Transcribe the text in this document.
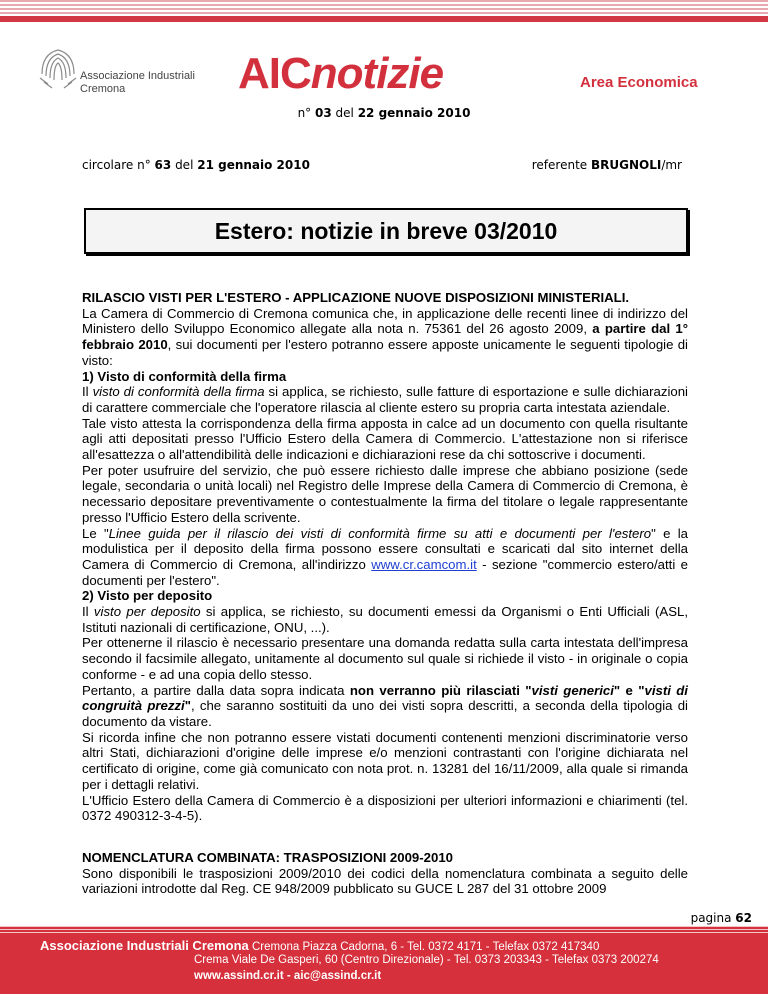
Associazione Industriali
Cremona	AICnotizie	Area Economica
n° 03 del 22 gennaio 2010
circolare n° 63 del 21 gennaio 2010	referente BRUGNOLI/mr
Estero: notizie in breve 03/2010

RILASCIO VISTI PER L'ESTERO - APPLICAZIONE NUOVE DISPOSIZIONI MINISTERIALI.

La Camera di Commercio di Cremona comunica che, in applicazione delle recenti linee di indirizzo del Ministero dello Sviluppo Economico allegate alla nota n. 75361 del 26 agosto 2009, a partire dal 1° febbraio 2010, sui documenti per l'estero potranno essere apposte unicamente le seguenti tipologie di visto:

1) Visto di conformità della firma

Il visto di conformità della firma si applica, se richiesto, sulle fatture di esportazione e sulle dichiarazioni di carattere commerciale che l'operatore rilascia al cliente estero su propria carta intestata aziendale.

Tale visto attesta la corrispondenza della firma apposta in calce ad un documento con quella risultante agli atti depositati presso l'Ufficio Estero della Camera di Commercio. L'attestazione non si riferisce all'esattezza o all'attendibilità delle indicazioni e dichiarazioni rese da chi sottoscrive i documenti.

Per poter usufruire del servizio, che può essere richiesto dalle imprese che abbiano posizione (sede legale, secondaria o unità locali) nel Registro delle Imprese della Camera di Commercio di Cremona, è necessario depositare preventivamente o contestualmente la firma del titolare o legale rappresentante presso l'Ufficio Estero della scrivente.

Le "Linee guida per il rilascio dei visti di conformità firme su atti e documenti per l'estero" e la modulistica per il deposito della firma possono essere consultati e scaricati dal sito internet della Camera di Commercio di Cremona, all'indirizzo www.cr.camcom.it - sezione "commercio estero/atti e documenti per l'estero".

2) Visto per deposito

Il visto per deposito si applica, se richiesto, su documenti emessi da Organismi o Enti Ufficiali (ASL, Istituti nazionali di certificazione, ONU, ...).

Per ottenerne il rilascio è necessario presentare una domanda redatta sulla carta intestata dell'impresa secondo il facsimile allegato, unitamente al documento sul quale si richiede il visto - in originale o copia conforme - e ad una copia dello stesso.

Pertanto, a partire dalla data sopra indicata non verranno più rilasciati "visti generici" e "visti di congruità prezzi", che saranno sostituiti da uno dei visti sopra descritti, a seconda della tipologia di documento da vistare.

Si ricorda infine che non potranno essere vistati documenti contenenti menzioni discriminatorie verso altri Stati, dichiarazioni d'origine delle imprese e/o menzioni contrastanti con l'origine dichiarata nel certificato di origine, come già comunicato con nota prot. n. 13281 del 16/11/2009, alla quale si rimanda per i dettagli relativi.

L'Ufficio Estero della Camera di Commercio è a disposizioni per ulteriori informazioni e chiarimenti (tel. 0372 490312-3-4-5).

NOMENCLATURA COMBINATA: TRASPOSIZIONI 2009-2010

Sono disponibili le trasposizioni 2009/2010 dei codici della nomenclatura combinata a seguito delle variazioni introdotte dal Reg. CE 948/2009 pubblicato su GUCE L 287 del 31 ottobre 2009

pagina 62
Associazione Industriali Cremona Cremona Piazza Cadorna, 6 - Tel. 0372 4171 - Telefax 0372 417340
Crema Viale De Gasperi, 60 (Centro Direzionale) - Tel. 0373 203343 - Telefax 0373 200274
www.assind.cr.it - aic@assind.cr.it
